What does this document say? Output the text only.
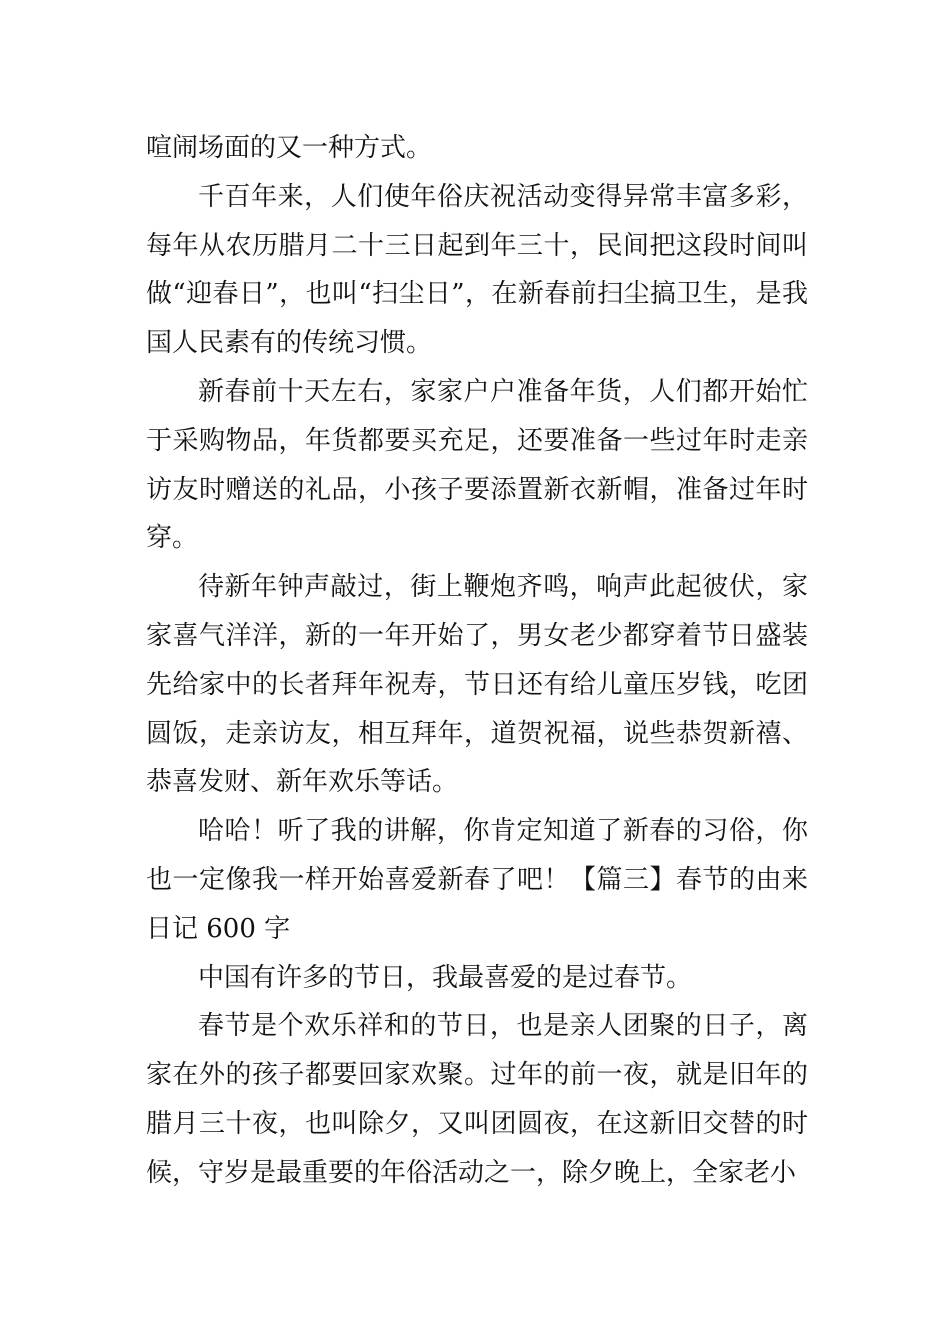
喧闹场面的又一种方式。

千百年来，人们使年俗庆祝活动变得异常丰富多彩，每年从农历腊月二十三日起到年三十，民间把这段时间叫做“迎春日”，也叫“扫尘日”，在新春前扫尘搞卫生，是我国人民素有的传统习惯。

新春前十天左右，家家户户准备年货，人们都开始忙于采购物品，年货都要买充足，还要准备一些过年时走亲访友时赠送的礼品，小孩子要添置新衣新帽，准备过年时穿。

待新年钟声敲过，街上鞭炮齐鸣，响声此起彼伏，家家喜气洋洋，新的一年开始了，男女老少都穿着节日盛装先给家中的长者拜年祝寿，节日还有给儿童压岁钱，吃团圆饭，走亲访友，相互拜年，道贺祝福，说些恭贺新禧、恭喜发财、新年欢乐等话。

哈哈！听了我的讲解，你肯定知道了新春的习俗，你也一定像我一样开始喜爱新春了吧！【篇三】春节的由来日记 600 字

中国有许多的节日，我最喜爱的是过春节。

春节是个欢乐祥和的节日，也是亲人团聚的日子，离家在外的孩子都要回家欢聚。过年的前一夜，就是旧年的腊月三十夜，也叫除夕，又叫团圆夜，在这新旧交替的时候，守岁是最重要的年俗活动之一，除夕晚上，全家老小
